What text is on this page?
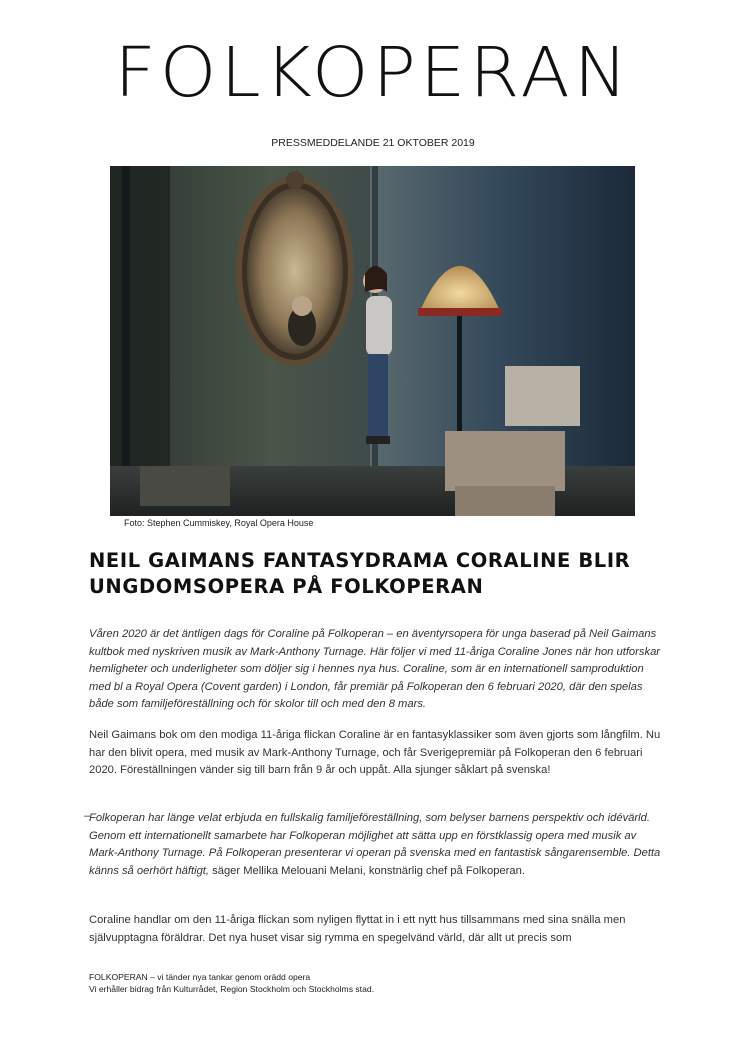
FOLKOPERAN
PRESSMEDDELANDE 21 OKTOBER 2019
Foto: Stephen Cummiskey, Royal Opera House
NEIL GAIMANS FANTASYDRAMA CORALINE BLIR
UNGDOMSOPERA PÅ FOLKOPERAN
Våren 2020 är det äntligen dags för Coraline på Folkoperan – en äventyrsopera för unga baserad på Neil Gaimans kultbok med nyskriven musik av Mark-Anthony Turnage. Här följer vi med 11-åriga Coraline Jones när hon utforskar hemligheter och underligheter som döljer sig i hennes nya hus. Coraline, som är en internationell samproduktion med bl a Royal Opera (Covent garden) i London, får premiär på Folkoperan den 6 februari 2020, där den spelas både som familjeföreställning och för skolor till och med den 8 mars.
Neil Gaimans bok om den modiga 11-åriga flickan Coraline är en fantasyklassiker som även gjorts som långfilm. Nu har den blivit opera, med musik av Mark-Anthony Turnage, och får Sverigepremiär på Folkoperan den 6 februari 2020. Föreställningen vänder sig till barn från 9 år och uppåt. Alla sjunger såklart på svenska!
–
Folkoperan har länge velat erbjuda en fullskalig familjeföreställning, som belyser barnens perspektiv och idévärld. Genom ett internationellt samarbete har Folkoperan möjlighet att sätta upp en förstklassig opera med musik av Mark-Anthony Turnage. På Folkoperan presenterar vi operan på svenska med en fantastisk sångarensemble. Detta känns så oerhört häftigt, säger Mellika Melouani Melani, konstnärlig chef på Folkoperan.
Coraline handlar om den 11-åriga flickan som nyligen flyttat in i ett nytt hus tillsammans med sina snälla men självupptagna föräldrar. Det nya huset visar sig rymma en spegelvänd värld, där allt ut precis som
FOLKOPERAN – vi tänder nya tankar genom orädd opera
Vi erhåller bidrag från Kulturrådet, Region Stockholm och Stockholms stad.
